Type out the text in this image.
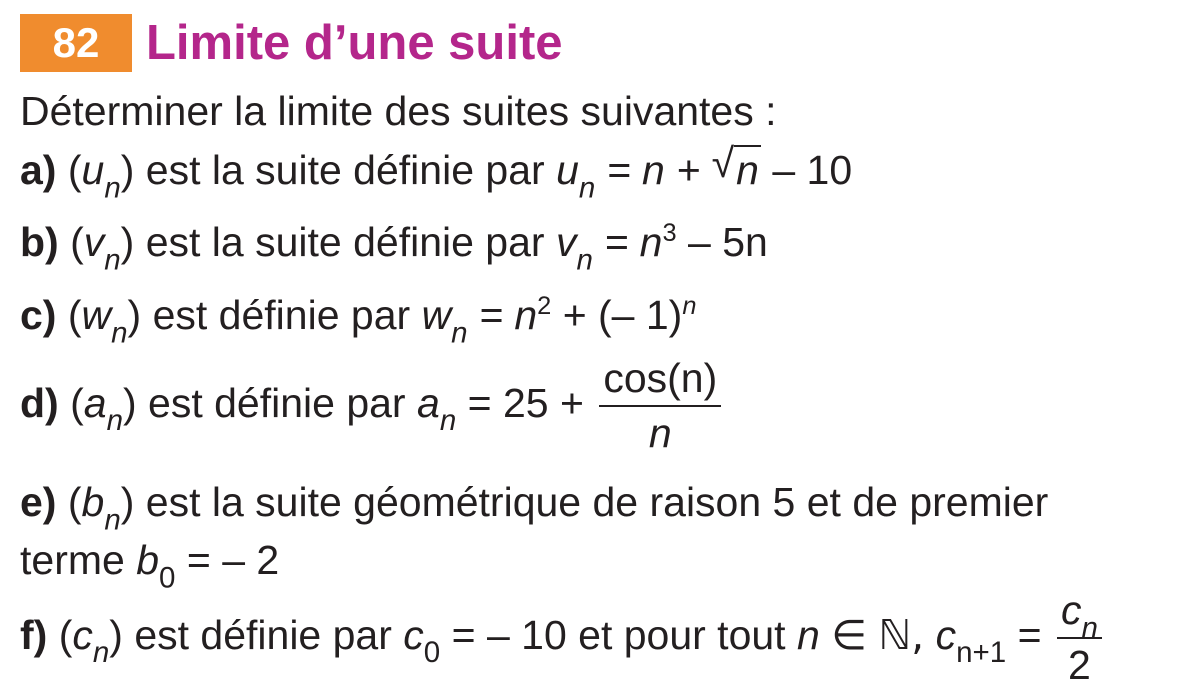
82 Limite d’une suite
Déterminer la limite des suites suivantes :
a) $(u_n)$ est la suite définie par $u_n = n$ + √ n – 10
b) $(v_n)$ est la suite définie par $v_n = n^3 - 5n$
c) $(w_n)$ est définie par $w_n = n^2$ + (– 1)$^n$
d) $(a_n)$ est définie par $a_n = 25 + \frac{\cos(n)}{n}$
e) $(b_n)$ est la suite géométrique de raison 5 et de premier
terme $b_0$ = – 2
f) $(c_n)$ est définie par $c_0$ = – 10 et pour tout n ∈ ℕ, $c_{n+1} = \frac{c_n}{2}$
